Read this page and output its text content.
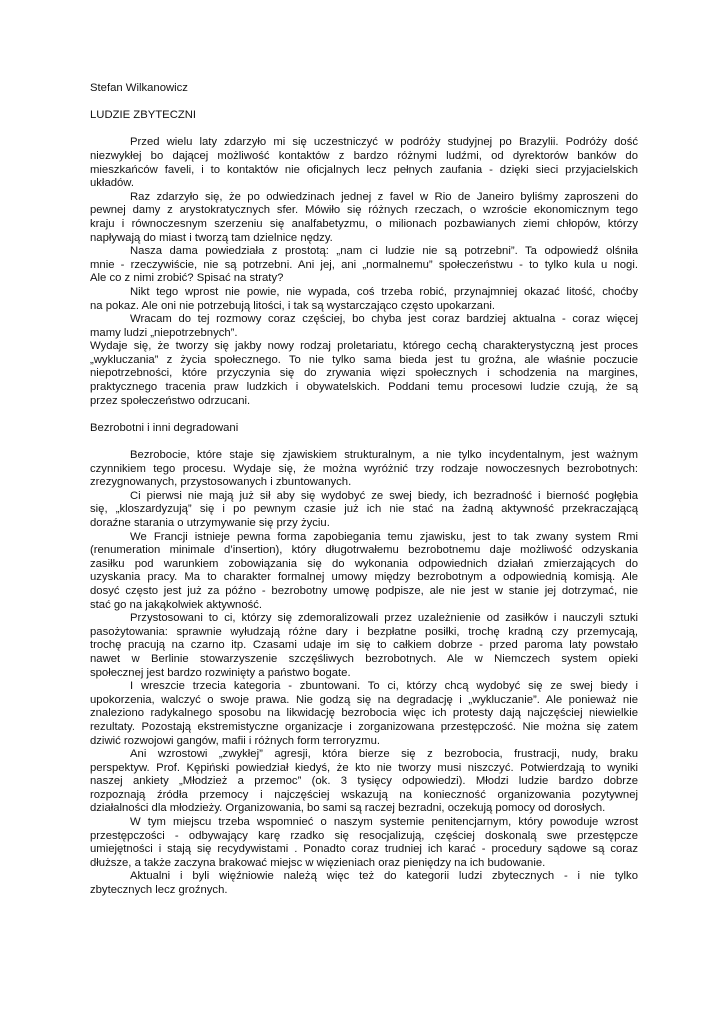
Stefan Wilkanowicz
LUDZIE ZBYTECZNI

Przed wielu laty zdarzyło mi się uczestniczyć w podróży studyjnej po Brazylii. Podróży dość
niezwykłej bo dającej możliwość kontaktów z bardzo różnymi ludźmi, od dyrektorów banków do
mieszkańców faveli, i to kontaktów nie oficjalnych lecz pełnych zaufania - dzięki sieci przyjacielskich
układów.

Raz zdarzyło się, że po odwiedzinach jednej z favel w Rio de Janeiro byliśmy zaproszeni do
pewnej damy z arystokratycznych sfer. Mówiło się różnych rzeczach, o wzroście ekonomicznym tego
kraju i równoczesnym szerzeniu się analfabetyzmu, o milionach pozbawianych ziemi chłopów, którzy
napływają do miast i tworzą tam dzielnice nędzy.

Nasza dama powiedziała z prostotą: „nam ci ludzie nie są potrzebni”. Ta odpowiedź olśniła
mnie - rzeczywiście, nie są potrzebni. Ani jej, ani „normalnemu” społeczeństwu - to tylko kula u nogi.
Ale co z nimi zrobić? Spisać na straty?

Nikt tego wprost nie powie, nie wypada, coś trzeba robić, przynajmniej okazać litość, choćby
na pokaz. Ale oni nie potrzebują litości, i tak są wystarczająco często upokarzani.

Wracam do tej rozmowy coraz częściej, bo chyba jest coraz bardziej aktualna - coraz więcej
mamy ludzi „niepotrzebnych”.

Wydaje się, że tworzy się jakby nowy rodzaj proletariatu, którego cechą charakterystyczną jest proces
„wykluczania” z życia społecznego. To nie tylko sama bieda jest tu groźna, ale właśnie poczucie
niepotrzebności, które przyczynia się do zrywania więzi społecznych i schodzenia na margines,
praktycznego tracenia praw ludzkich i obywatelskich. Poddani temu procesowi ludzie czują, że są
przez społeczeństwo odrzucani.

Bezrobotni i inni degradowani

Bezrobocie, które staje się zjawiskiem strukturalnym, a nie tylko incydentalnym, jest ważnym
czynnikiem tego procesu. Wydaje się, że można wyróżnić trzy rodzaje nowoczesnych bezrobotnych:
zrezygnowanych, przystosowanych i zbuntowanych.

Ci pierwsi nie mają już sił aby się wydobyć ze swej biedy, ich bezradność i bierność pogłębia
się, „kloszardyzują” się i po pewnym czasie już ich nie stać na żadną aktywność przekraczającą
doraźne starania o utrzymywanie się przy życiu.

We Francji istnieje pewna forma zapobiegania temu zjawisku, jest to tak zwany system Rmi
(renumeration minimale d’insertion), który długotrwałemu bezrobotnemu daje możliwość odzyskania
zasiłku pod warunkiem zobowiązania się do wykonania odpowiednich działań zmierzających do
uzyskania pracy. Ma to charakter formalnej umowy między bezrobotnym a odpowiednią komisją. Ale
dosyć często jest już za późno - bezrobotny umowę podpisze, ale nie jest w stanie jej dotrzymać, nie
stać go na jakąkolwiek aktywność.

Przystosowani to ci, którzy się zdemoralizowali przez uzależnienie od zasiłków i nauczyli sztuki
pasożytowania: sprawnie wyłudzają różne dary i bezpłatne posiłki, trochę kradną czy przemycają,
trochę pracują na czarno itp. Czasami udaje im się to całkiem dobrze - przed paroma laty powstało
nawet w Berlinie stowarzyszenie szczęśliwych bezrobotnych. Ale w Niemczech system opieki
społecznej jest bardzo rozwinięty a państwo bogate.

I wreszcie trzecia kategoria - zbuntowani. To ci, którzy chcą wydobyć się ze swej biedy i
upokorzenia, walczyć o swoje prawa. Nie godzą się na degradację i „wykluczanie”. Ale ponieważ nie
znaleziono radykalnego sposobu na likwidację bezrobocia więc ich protesty dają najczęściej niewielkie
rezultaty. Pozostają ekstremistyczne organizacje i zorganizowana przestępczość. Nie można się zatem
dziwić rozwojowi gangów, mafii i różnych form terroryzmu.

Ani wzrostowi „zwykłej” agresji, która bierze się z bezrobocia, frustracji, nudy, braku
perspektyw. Prof. Kępiński powiedział kiedyś, że kto nie tworzy musi niszczyć. Potwierdzają to wyniki
naszej ankiety „Młodzież a przemoc” (ok. 3 tysięcy odpowiedzi). Młodzi ludzie bardzo dobrze
rozpoznają źródła przemocy i najczęściej wskazują na konieczność organizowania pozytywnej
działalności dla młodzieży. Organizowania, bo sami są raczej bezradni, oczekują pomocy od dorosłych.

W tym miejscu trzeba wspomnieć o naszym systemie penitencjarnym, który powoduje wzrost
przestępczości - odbywający karę rzadko się resocjalizują, częściej doskonalą swe przestępcze
umiejętności i stają się recydywistami . Ponadto coraz trudniej ich karać - procedury sądowe są coraz
dłuższe, a także zaczyna brakować miejsc w więzieniach oraz pieniędzy na ich budowanie.

Aktualni i byli więźniowie należą więc też do kategorii ludzi zbytecznych - i nie tylko
zbytecznych lecz groźnych.
